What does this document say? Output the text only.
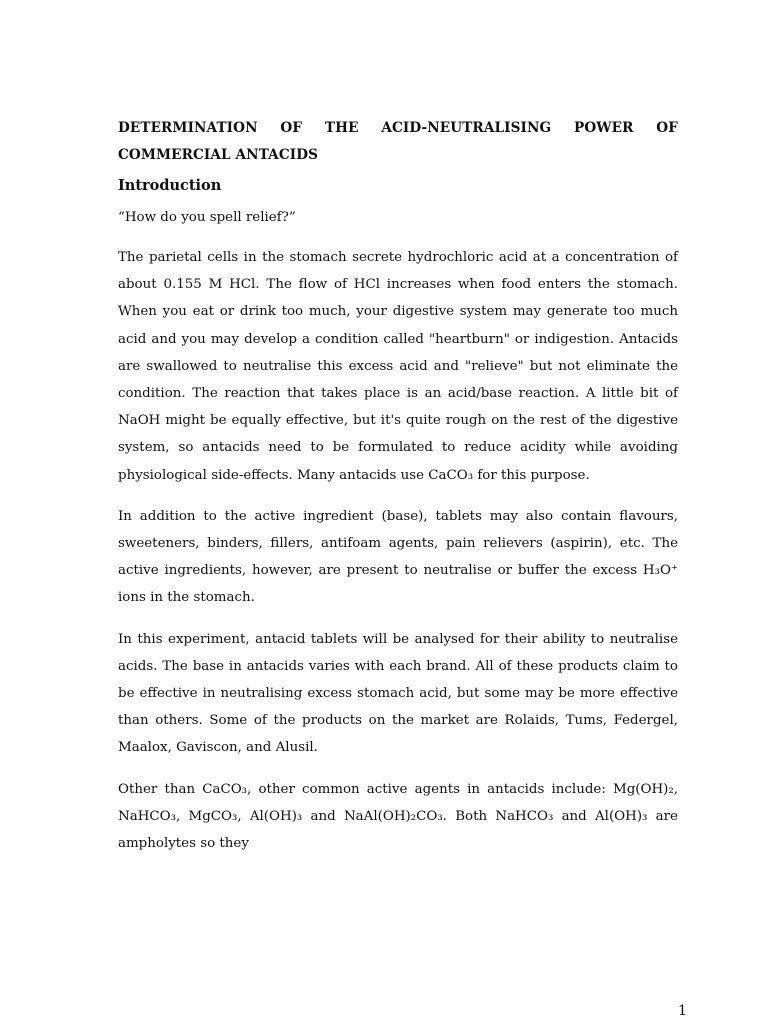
DETERMINATION OF THE ACID-NEUTRALISING POWER OF COMMERCIAL ANTACIDS
Introduction
“How do you spell relief?”

The parietal cells in the stomach secrete hydrochloric acid at a concentration of about 0.155 M HCl. The flow of HCl increases when food enters the stomach. When you eat or drink too much, your digestive system may generate too much acid and you may develop a condition called "heartburn" or indigestion. Antacids are swallowed to neutralise this excess acid and "relieve" but not eliminate the condition. The reaction that takes place is an acid/base reaction. A little bit of NaOH might be equally effective, but it's quite rough on the rest of the digestive system, so antacids need to be formulated to reduce acidity while avoiding physiological side-effects. Many antacids use CaCO₃ for this purpose.

In addition to the active ingredient (base), tablets may also contain flavours, sweeteners, binders, fillers, antifoam agents, pain relievers (aspirin), etc. The active ingredients, however, are present to neutralise or buffer the excess H₃O⁺ ions in the stomach.

In this experiment, antacid tablets will be analysed for their ability to neutralise acids. The base in antacids varies with each brand. All of these products claim to be effective in neutralising excess stomach acid, but some may be more effective than others. Some of the products on the market are Rolaids, Tums, Federgel, Maalox, Gaviscon, and Alusil.

Other than CaCO₃, other common active agents in antacids include: Mg(OH)₂, NaHCO₃, MgCO₃, Al(OH)₃ and NaAl(OH)₂CO₃. Both NaHCO₃ and Al(OH)₃ are ampholytes so they

1
